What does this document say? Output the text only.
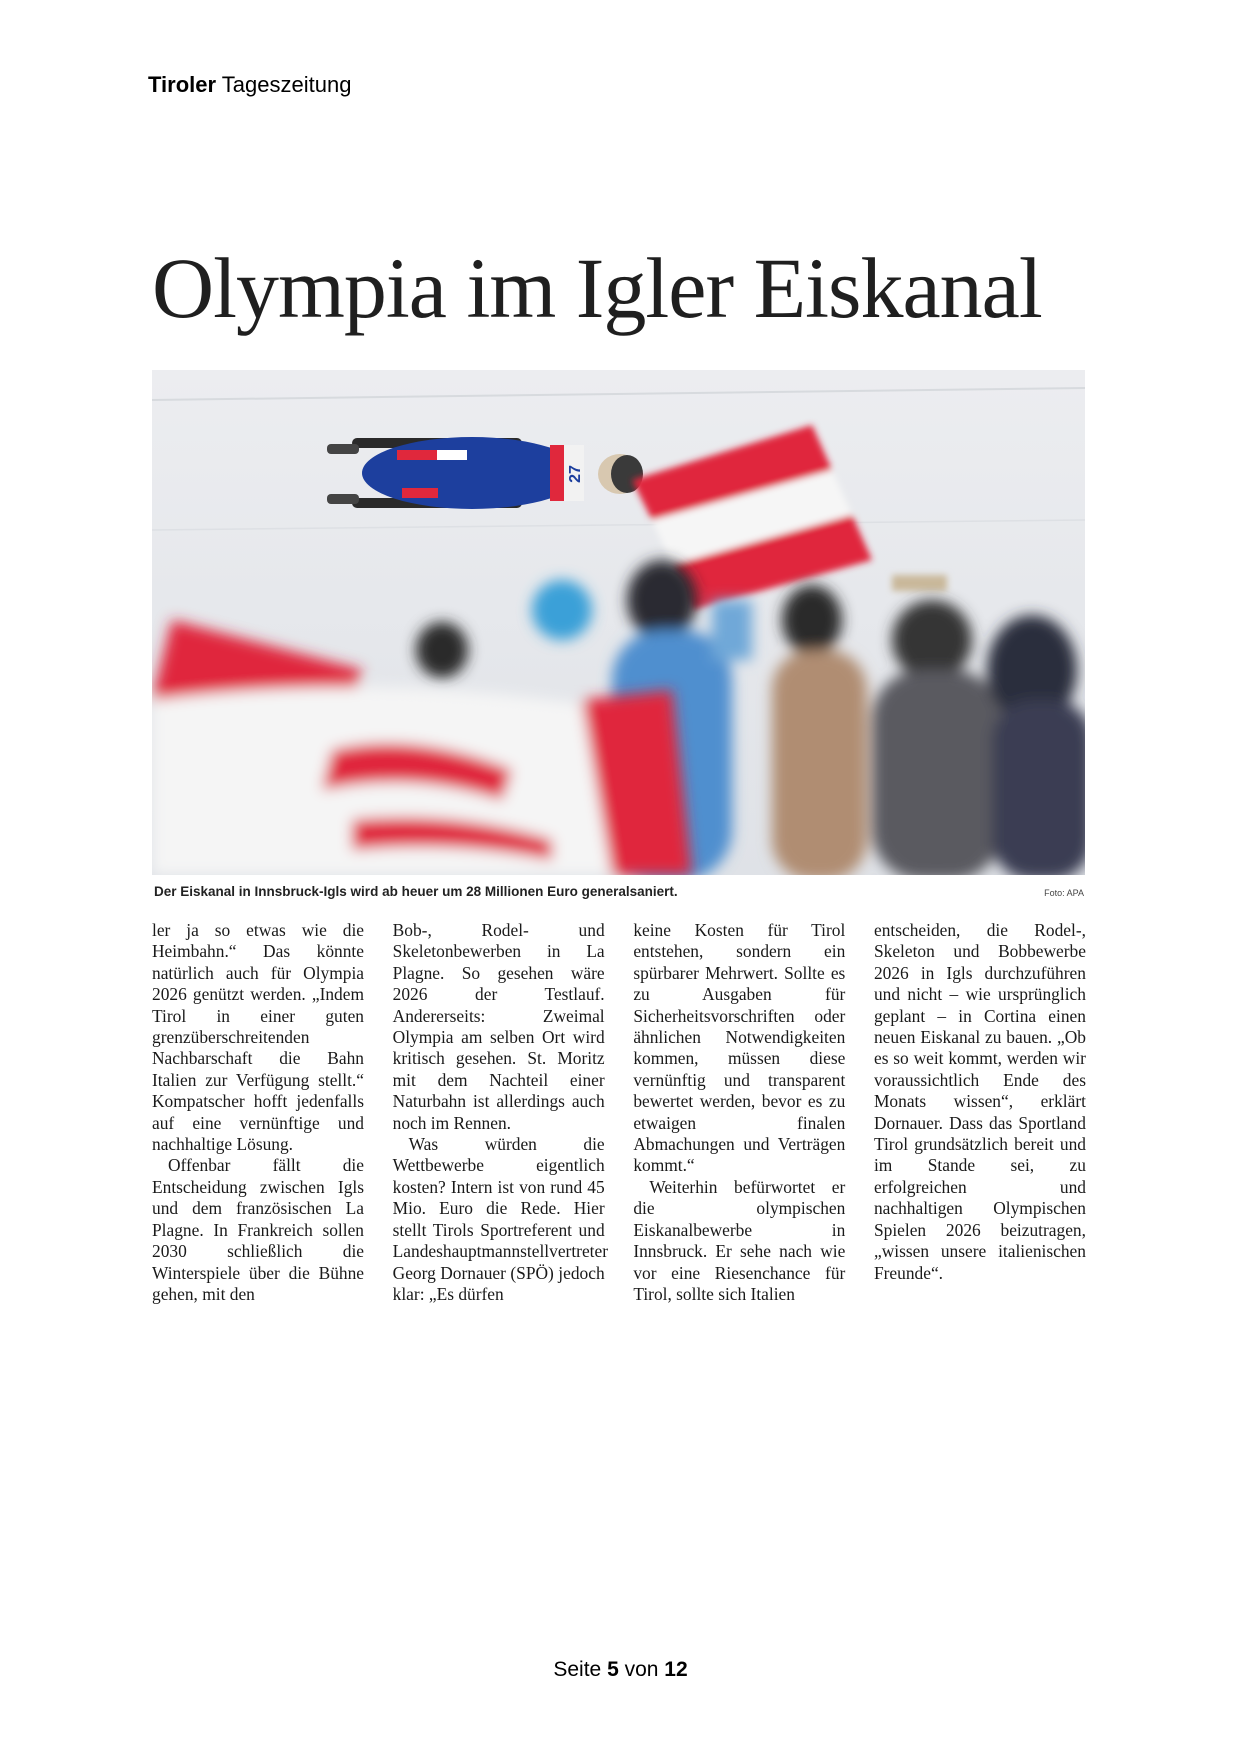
Tiroler Tageszeitung
Olympia im Igler Eiskanal
27
Der Eiskanal in Innsbruck-Igls wird ab heuer um 28 Millionen Euro generalsaniert.	Foto: APA

ler ja so etwas wie die Heimbahn.“ Das könnte natürlich auch für Olympia 2026 genützt werden. „Indem Tirol in einer guten grenzüberschreitenden Nachbarschaft die Bahn Italien zur Verfügung stellt.“ Kompatscher hofft jedenfalls auf eine vernünftige und nachhaltige Lösung.

Offenbar fällt die Entscheidung zwischen Igls und dem französischen La Plagne. In Frankreich sollen 2030 schließlich die Winterspiele über die Bühne gehen, mit den

Bob-, Rodel- und Skeletonbewerben in La Plagne. So gesehen wäre 2026 der Testlauf. Andererseits: Zweimal Olympia am selben Ort wird kritisch gesehen. St. Moritz mit dem Nachteil einer Naturbahn ist allerdings auch noch im Rennen.

Was würden die Wettbewerbe eigentlich kosten? Intern ist von rund 45 Mio. Euro die Rede. Hier stellt Tirols Sportreferent und Landeshauptmannstellvertreter Georg Dornauer (SPÖ) jedoch klar: „Es dürfen

keine Kosten für Tirol entstehen, sondern ein spürbarer Mehrwert. Sollte es zu Ausgaben für Sicherheitsvorschriften oder ähnlichen Notwendigkeiten kommen, müssen diese vernünftig und transparent bewertet werden, bevor es zu etwaigen finalen Abmachungen und Verträgen kommt.“

Weiterhin befürwortet er die olympischen Eiskanalbewerbe in Innsbruck. Er sehe nach wie vor eine Riesenchance für Tirol, sollte sich Italien

entscheiden, die Rodel-, Skeleton und Bobbewerbe 2026 in Igls durchzuführen und nicht – wie ursprünglich geplant – in Cortina einen neuen Eiskanal zu bauen. „Ob es so weit kommt, werden wir voraussichtlich Ende des Monats wissen“, erklärt Dornauer. Dass das Sportland Tirol grundsätzlich bereit und im Stande sei, zu erfolgreichen und nachhaltigen Olympischen Spielen 2026 beizutragen, „wissen unsere italienischen Freunde“.

Seite 5 von 12
